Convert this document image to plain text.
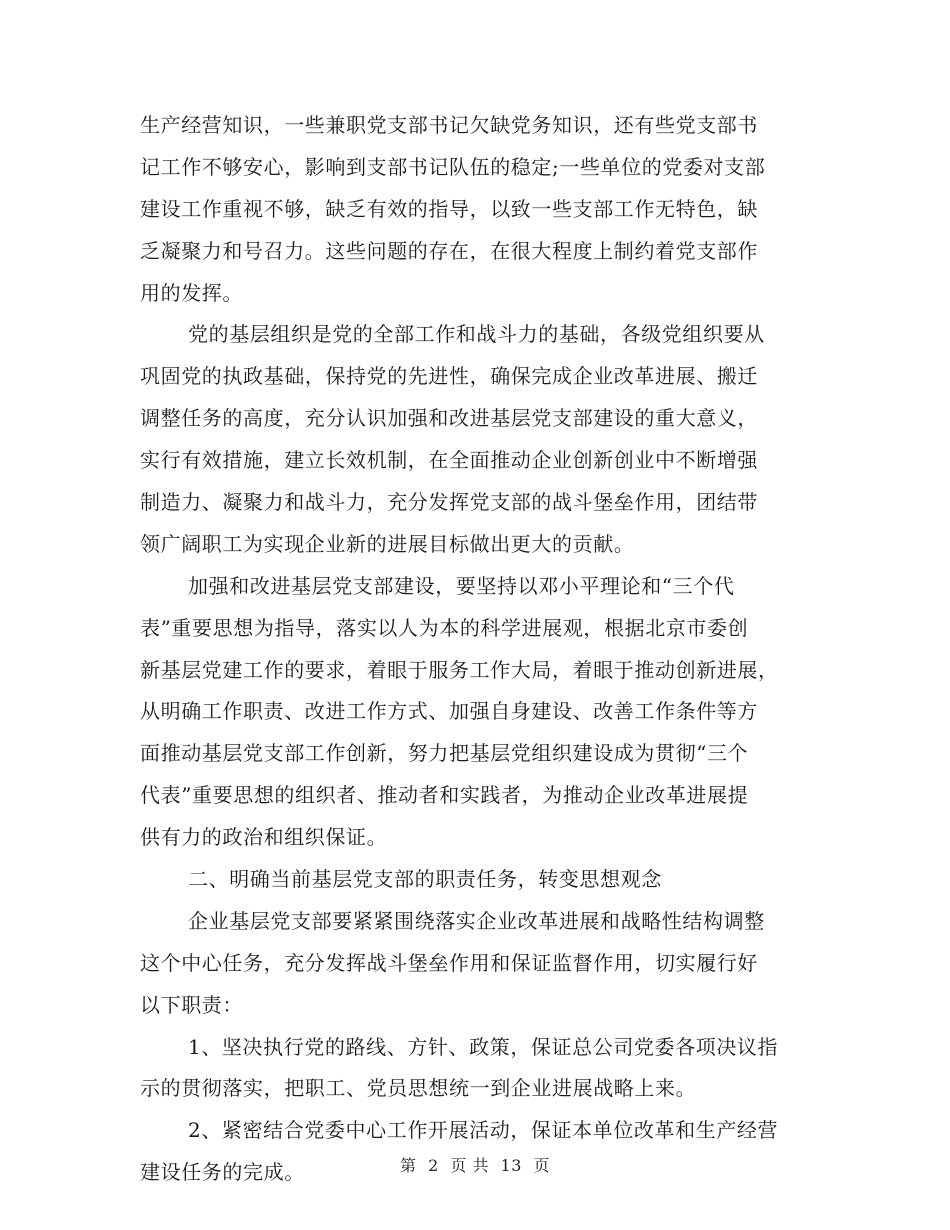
生产经营知识，一些兼职党支部书记欠缺党务知识，还有些党支部书
记工作不够安心，影响到支部书记队伍的稳定;一些单位的党委对支部
建设工作重视不够，缺乏有效的指导，以致一些支部工作无特色，缺
乏凝聚力和号召力。这些问题的存在，在很大程度上制约着党支部作
用的发挥。
党的基层组织是党的全部工作和战斗力的基础，各级党组织要从
巩固党的执政基础，保持党的先进性，确保完成企业改革进展、搬迁
调整任务的高度，充分认识加强和改进基层党支部建设的重大意义，
实行有效措施，建立长效机制，在全面推动企业创新创业中不断增强
制造力、凝聚力和战斗力，充分发挥党支部的战斗堡垒作用，团结带
领广阔职工为实现企业新的进展目标做出更大的贡献。
加强和改进基层党支部建设，要坚持以邓小平理论和“三个代
表”重要思想为指导，落实以人为本的科学进展观，根据北京市委创
新基层党建工作的要求，着眼于服务工作大局，着眼于推动创新进展，
从明确工作职责、改进工作方式、加强自身建设、改善工作条件等方
面推动基层党支部工作创新，努力把基层党组织建设成为贯彻“三个
代表”重要思想的组织者、推动者和实践者，为推动企业改革进展提
供有力的政治和组织保证。
二、明确当前基层党支部的职责任务，转变思想观念
企业基层党支部要紧紧围绕落实企业改革进展和战略性结构调整
这个中心任务，充分发挥战斗堡垒作用和保证监督作用，切实履行好
以下职责：
1、坚决执行党的路线、方针、政策，保证总公司党委各项决议指
示的贯彻落实，把职工、党员思想统一到企业进展战略上来。
2、紧密结合党委中心工作开展活动，保证本单位改革和生产经营
建设任务的完成。	第 2 页 共 13 页
